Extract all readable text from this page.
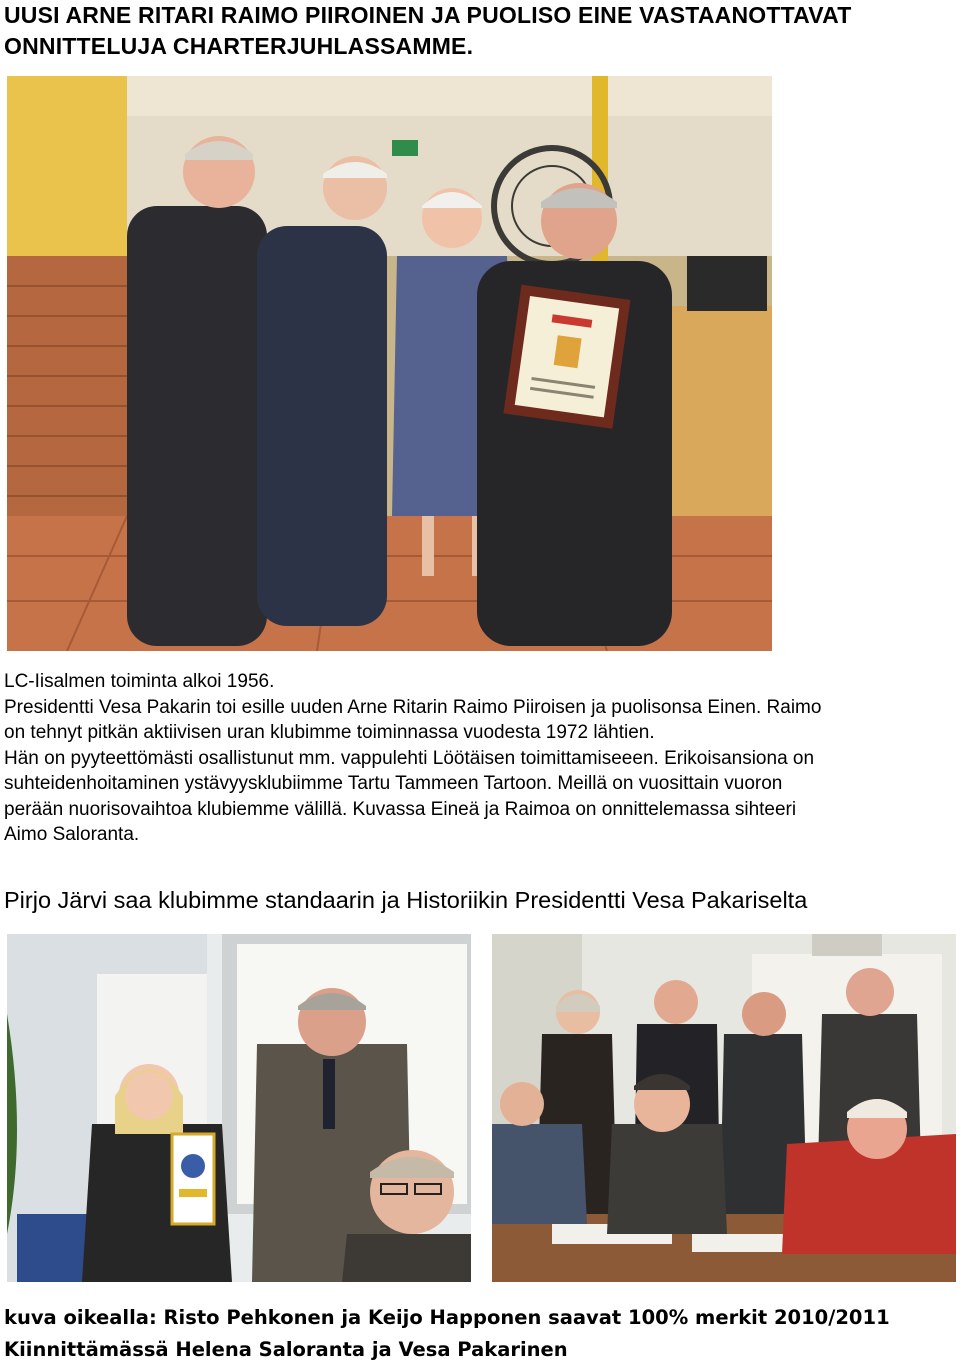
UUSI ARNE RITARI RAIMO PIIROINEN JA PUOLISO EINE VASTAANOTTAVAT
ONNITTELUJA CHARTERJUHLASSAMME.
LC-Iisalmen toiminta alkoi 1956.
Presidentti Vesa Pakarin toi esille uuden Arne Ritarin Raimo Piiroisen ja puolisonsa Einen. Raimo
on tehnyt pitkän aktiivisen uran klubimme toiminnassa vuodesta 1972 lähtien.
Hän on pyyteettömästi osallistunut mm. vappulehti Löötäisen toimittamiseeen. Erikoisansiona on
suhteidenhoitaminen ystävyysklubiimme Tartu Tammeen Tartoon. Meillä on vuosittain vuoron
perään nuorisovaihtoa klubiemme välillä. Kuvassa Eineä ja Raimoa on onnittelemassa sihteeri
Aimo Saloranta.
Pirjo Järvi saa klubimme standaarin ja Historiikin Presidentti Vesa Pakariselta
kuva oikealla: Risto Pehkonen ja Keijo Happonen saavat 100% merkit 2010/2011
Kiinnittämässä Helena Saloranta ja Vesa Pakarinen
